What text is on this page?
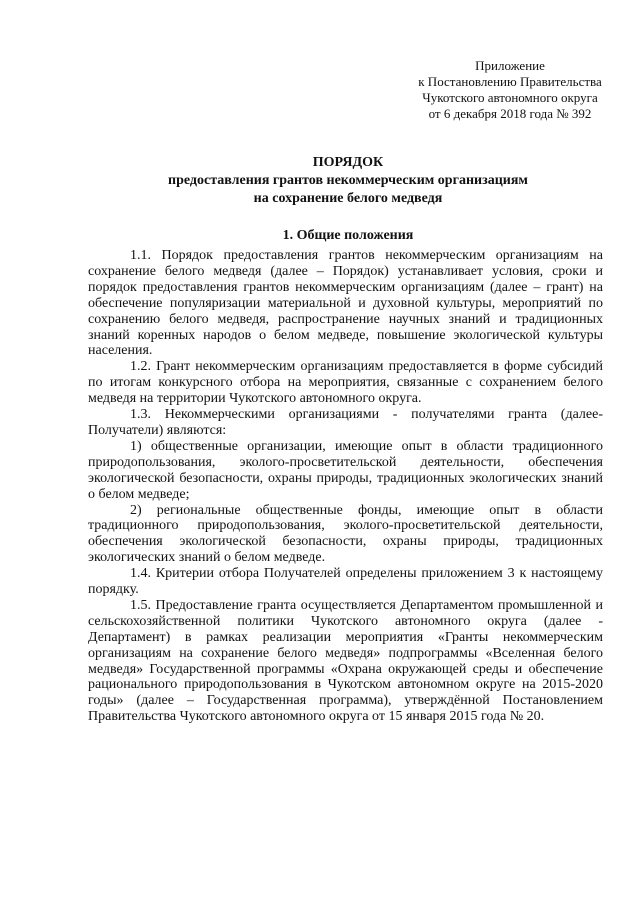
Приложение
к Постановлению Правительства
Чукотского автономного округа
от 6 декабря 2018 года № 392
ПОРЯДОК
предоставления грантов некоммерческим организациям
на сохранение белого медведя
1. Общие положения

1.1. Порядок предоставления грантов некоммерческим организациям на сохранение белого медведя (далее – Порядок) устанавливает условия, сроки и порядок предоставления грантов некоммерческим организациям (далее – грант) на обеспечение популяризации материальной и духовной культуры, мероприятий по сохранению белого медведя, распространение научных знаний и традиционных знаний коренных народов о белом медведе, повышение экологической культуры населения.

1.2. Грант некоммерческим организациям предоставляется в форме субсидий по итогам конкурсного отбора на мероприятия, связанные с сохранением белого медведя на территории Чукотского автономного округа.

1.3. Некоммерческими организациями - получателями гранта (далее- Получатели) являются:

1) общественные организации, имеющие опыт в области традиционного природопользования, эколого-просветительской деятельности, обеспечения экологической безопасности, охраны природы, традиционных экологических знаний о белом медведе;

2) региональные общественные фонды, имеющие опыт в области традиционного природопользования, эколого-просветительской деятельности, обеспечения экологической безопасности, охраны природы, традиционных экологических знаний о белом медведе.

1.4. Критерии отбора Получателей определены приложением 3 к настоящему порядку.

1.5. Предоставление гранта осуществляется Департаментом промышленной и сельскохозяйственной политики Чукотского автономного округа (далее - Департамент) в рамках реализации мероприятия «Гранты некоммерческим организациям на сохранение белого медведя» подпрограммы «Вселенная белого медведя» Государственной программы «Охрана окружающей среды и обеспечение рационального природопользования в Чукотском автономном округе на 2015-2020 годы» (далее – Государственная программа), утверждённой Постановлением Правительства Чукотского автономного округа от 15 января 2015 года № 20.
